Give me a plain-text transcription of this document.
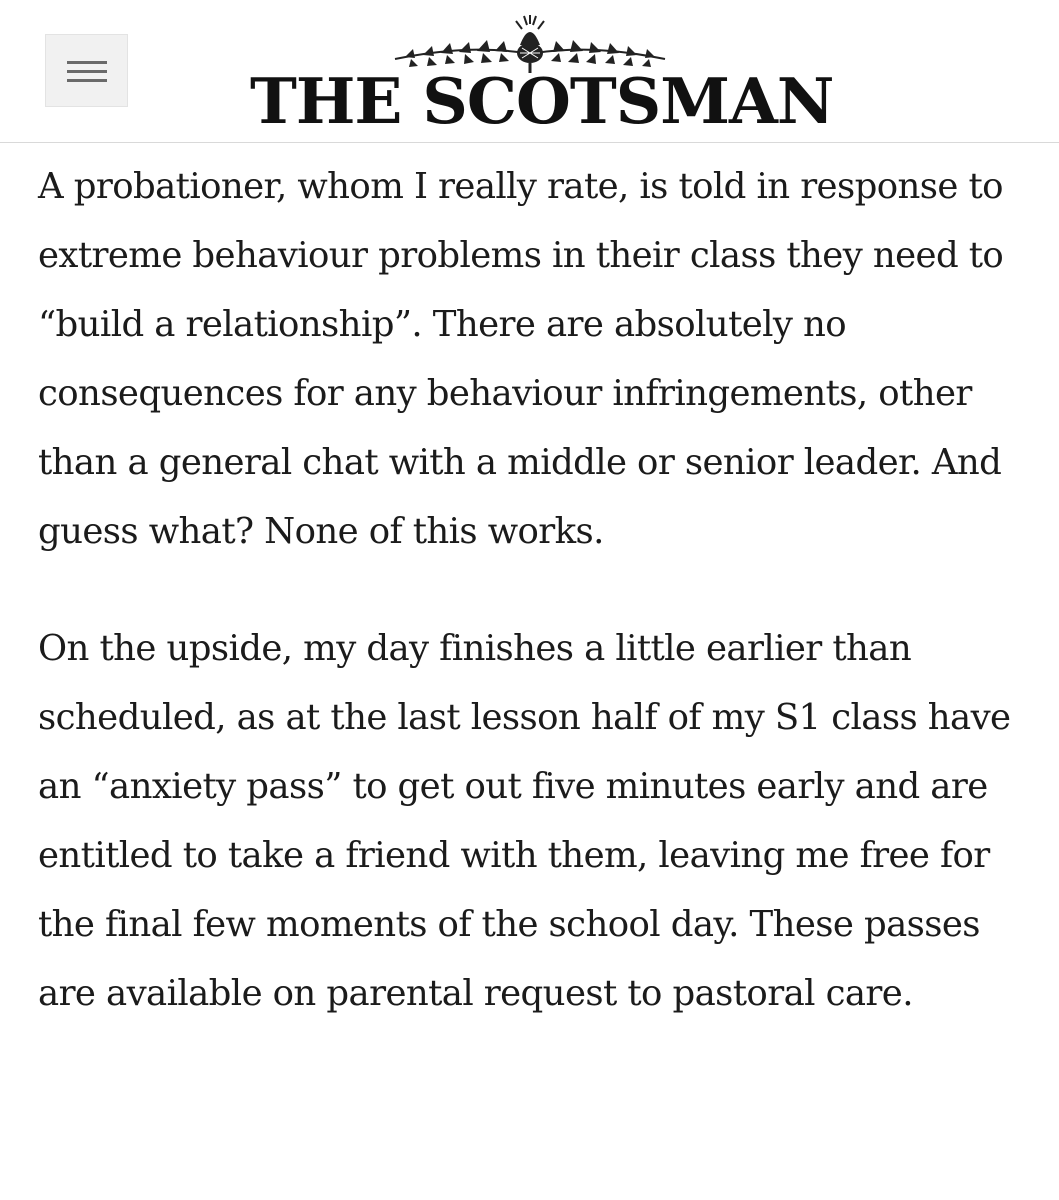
THE SCOTSMAN

A probationer, whom I really rate, is told in response to extreme behaviour problems in their class they need to “build a relationship”. There are absolutely no consequences for any behaviour infringements, other than a general chat with a middle or senior leader. And guess what? None of this works.

On the upside, my day finishes a little earlier than scheduled, as at the last lesson half of my S1 class have an “anxiety pass” to get out five minutes early and are entitled to take a friend with them, leaving me free for the final few moments of the school day. These passes are available on parental request to pastoral care.
